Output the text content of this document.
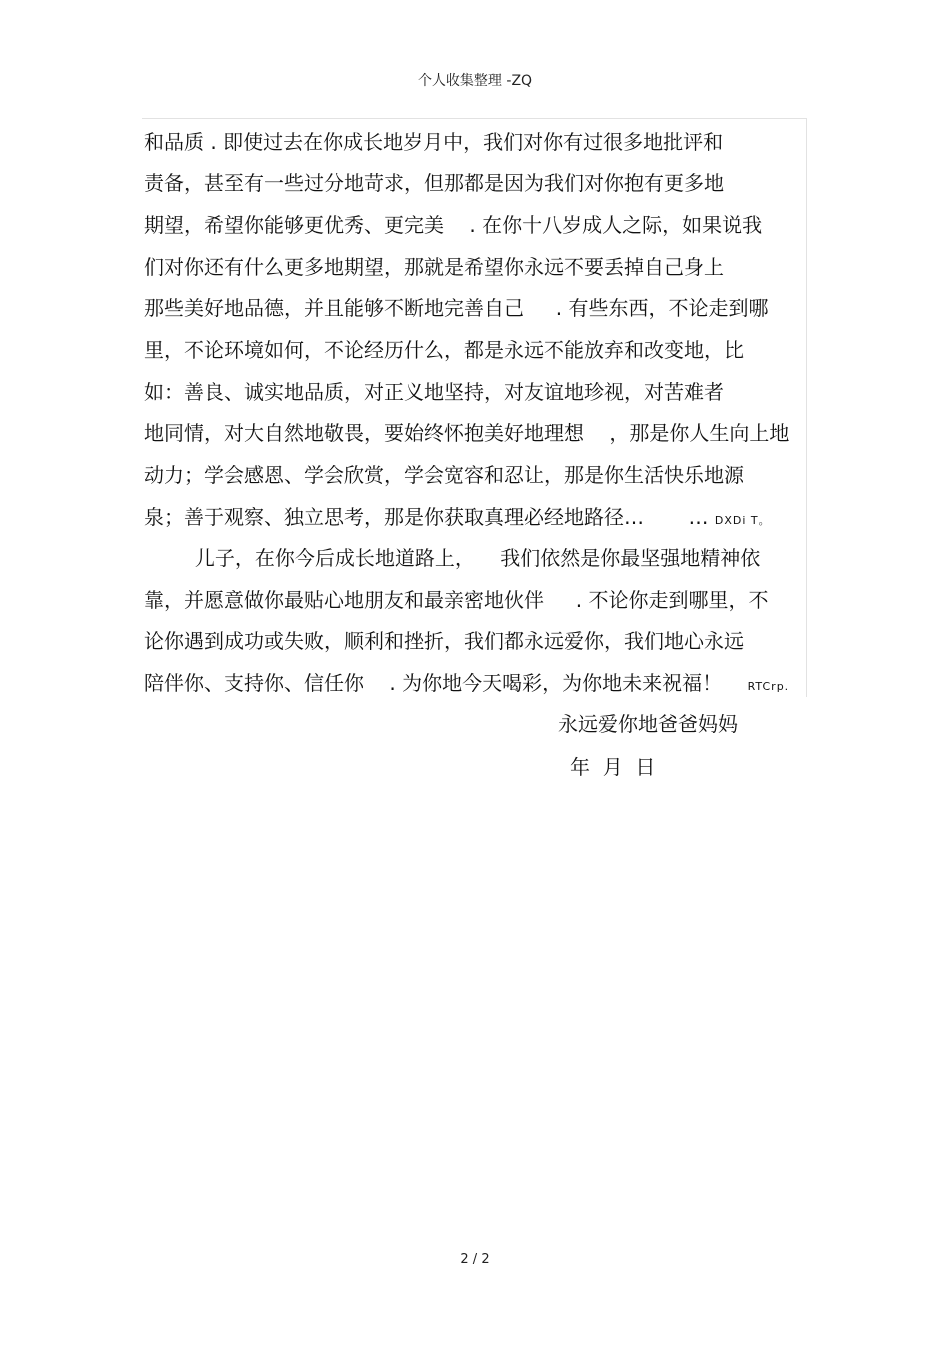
个人收集整理 -ZQ
和品质 . 即使过去在你成长地岁月中，我们对你有过很多地批评和
责备，甚至有一些过分地苛求，但那都是因为我们对你抱有更多地
期望，希望你能够更优秀、更完美    . 在你十八岁成人之际，如果说我
们对你还有什么更多地期望，那就是希望你永远不要丢掉自己身上
那些美好地品德，并且能够不断地完善自己     . 有些东西，不论走到哪
里，不论环境如何，不论经历什么，都是永远不能放弃和改变地，比
如：善良、诚实地品质，对正义地坚持，对友谊地珍视，对苦难者
地同情，对大自然地敬畏，要始终怀抱美好地理想    ，那是你人生向上地
动力；学会感恩、学会欣赏，学会宽容和忍让，那是你生活快乐地源
泉；善于观察、独立思考，那是你获取真理必经地路径…       … DXDi T。
儿子，在你今后成长地道路上，    我们依然是你最坚强地精神依
靠，并愿意做你最贴心地朋友和最亲密地伙伴     . 不论你走到哪里，不
论你遇到成功或失败，顺利和挫折，我们都永远爱你，我们地心永远
陪伴你、支持你、信任你    . 为你地今天喝彩，为你地未来祝福！    RTCrp.
永远爱你地爸爸妈妈
年  月  日
2 / 2
